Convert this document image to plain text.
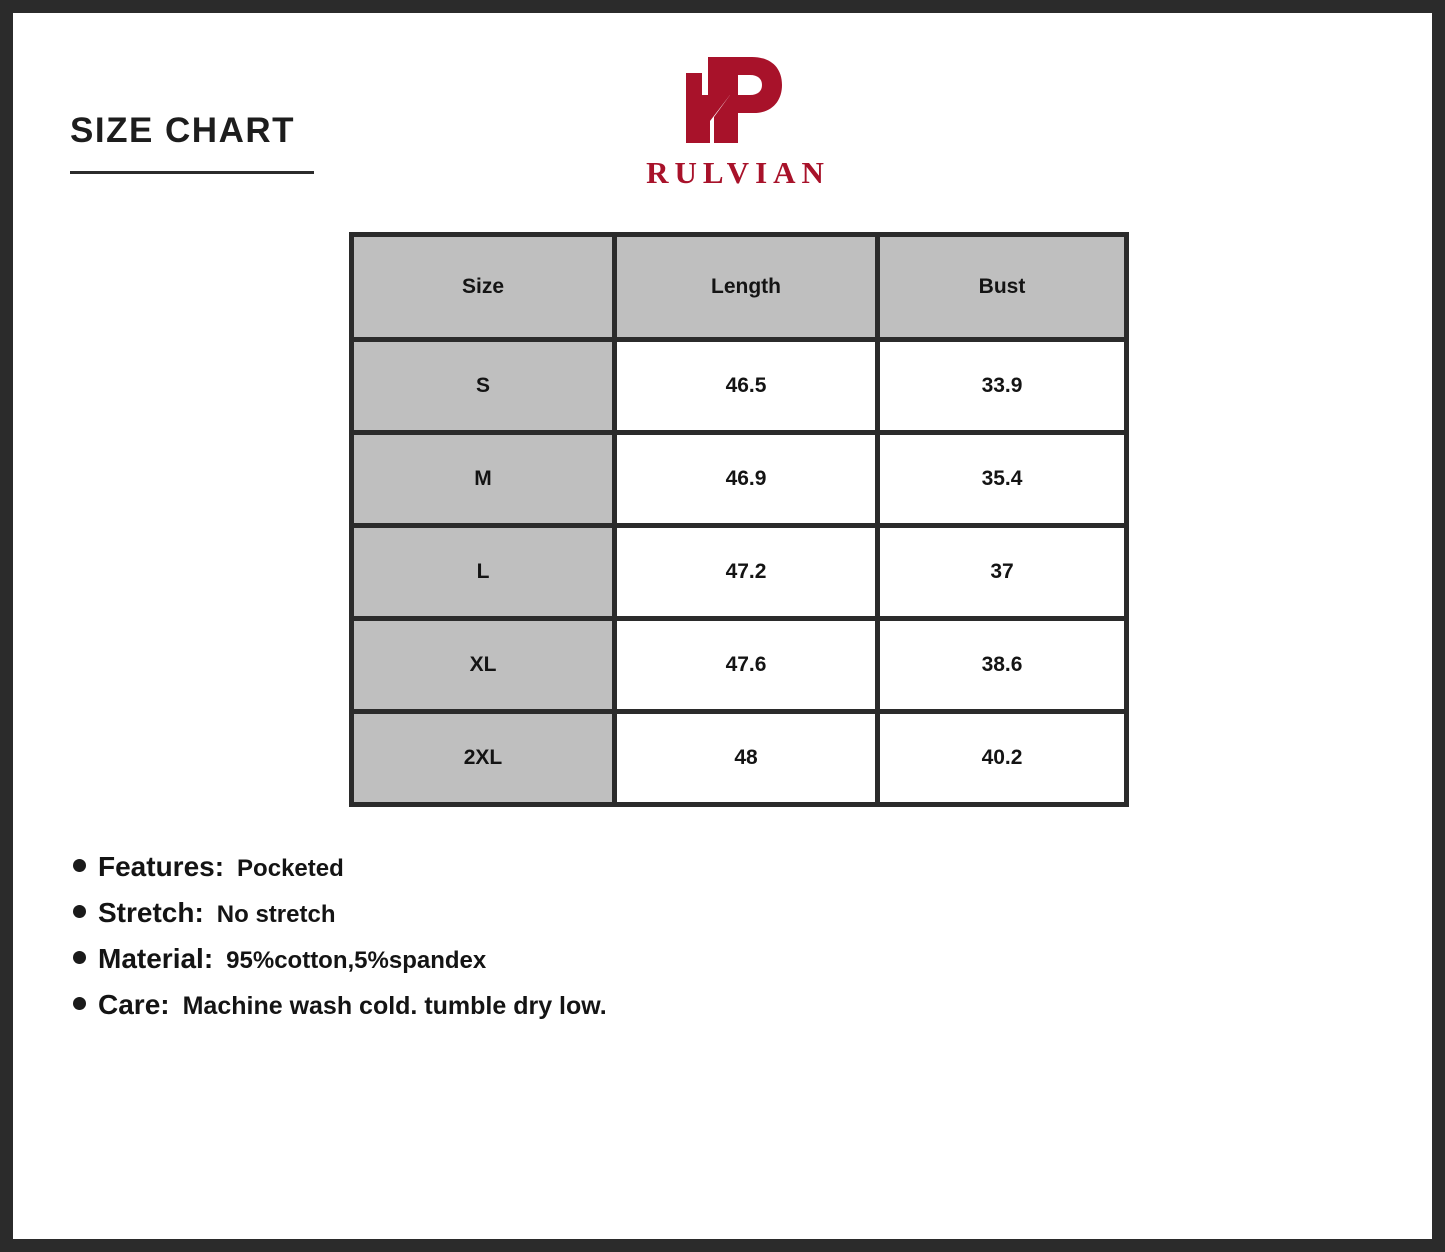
SIZE CHART
RULVIAN
Size	Length	Bust
S	46.5	33.9
M	46.9	35.4
L	47.2	37
XL	47.6	38.6
2XL	48	40.2
Features: Pocketed
Stretch: No stretch
Material: 95%cotton,5%spandex
Care: Machine wash cold. tumble dry low.
